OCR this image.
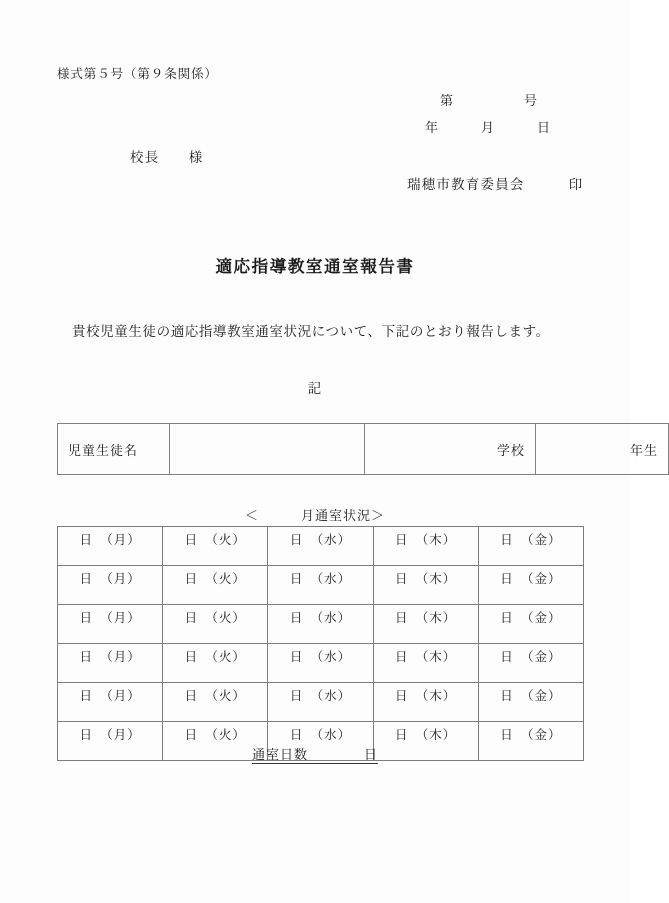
様式第５号（第９条関係）
第　　　　　号
年　　　月　　　日
校長　　様
瑞穂市教育委員会　　　印
適応指導教室通室報告書
貴校児童生徒の適応指導教室通室状況について、下記のとおり報告します。
記
児童生徒名		学校	年生
＜　　　月通室状況＞
日　（月）	日　（火）	日　（水）	日　（木）	日　（金）
日　（月）	日　（火）	日　（水）	日　（木）	日　（金）
日　（月）	日　（火）	日　（水）	日　（木）	日　（金）
日　（月）	日　（火）	日　（水）	日　（木）	日　（金）
日　（月）	日　（火）	日　（水）	日　（木）	日　（金）
日　（月）	日　（火）	日　（水）	日　（木）	日　（金）
通室日数　　　　日
